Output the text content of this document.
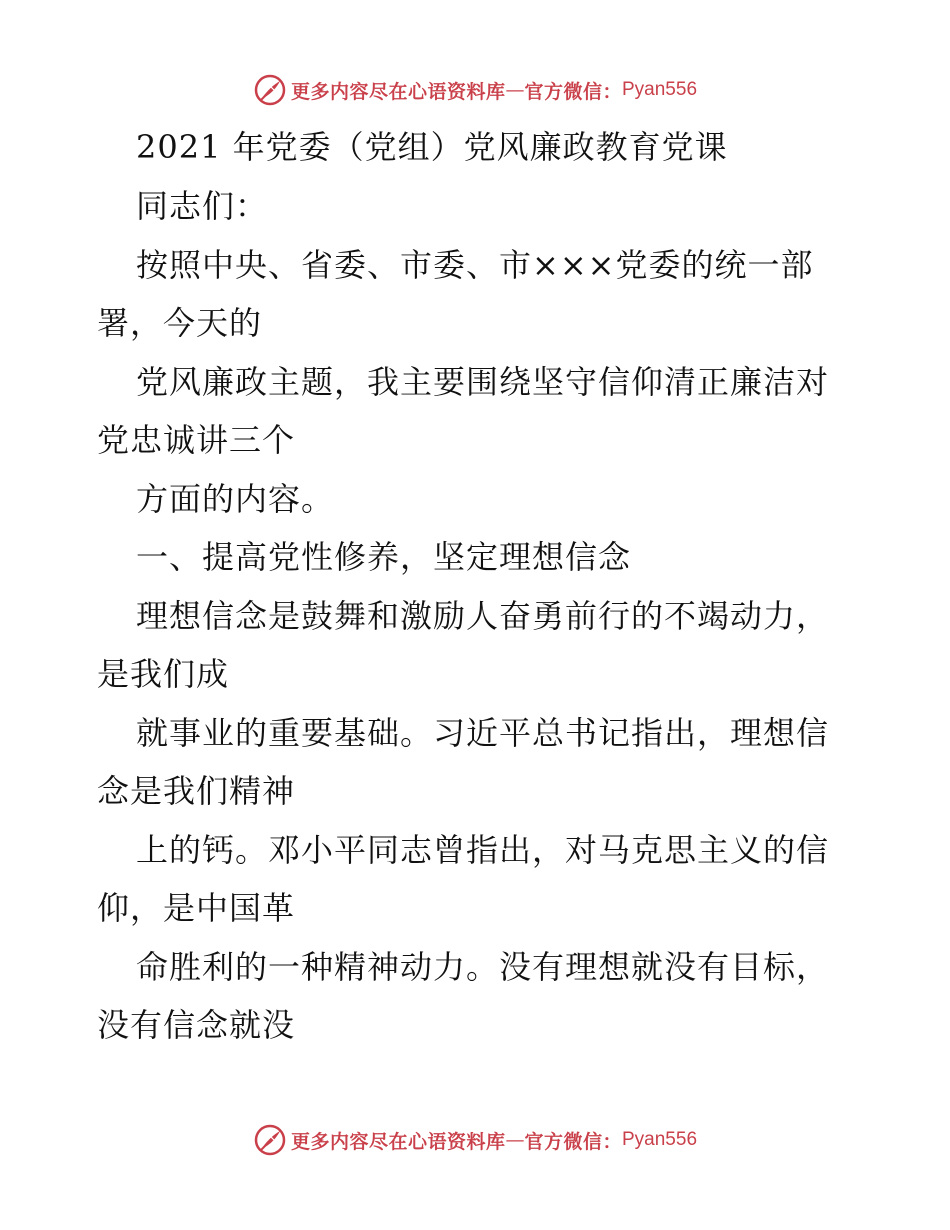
更多内容尽在心语资料库 — 官方微信： Pyan556
2021 年党委（党组）党风廉政教育党课
同志们：
按照中央、省委、市委、市×××党委的统一部
署，今天的
党风廉政主题，我主要围绕坚守信仰清正廉洁对
党忠诚讲三个
方面的内容。
一、提高党性修养，坚定理想信念
理想信念是鼓舞和激励人奋勇前行的不竭动力，
是我们成
就事业的重要基础。习近平总书记指出，理想信
念是我们精神
上的钙。邓小平同志曾指出，对马克思主义的信
仰，是中国革
命胜利的一种精神动力。没有理想就没有目标，
没有信念就没
更多内容尽在心语资料库 — 官方微信： Pyan556
